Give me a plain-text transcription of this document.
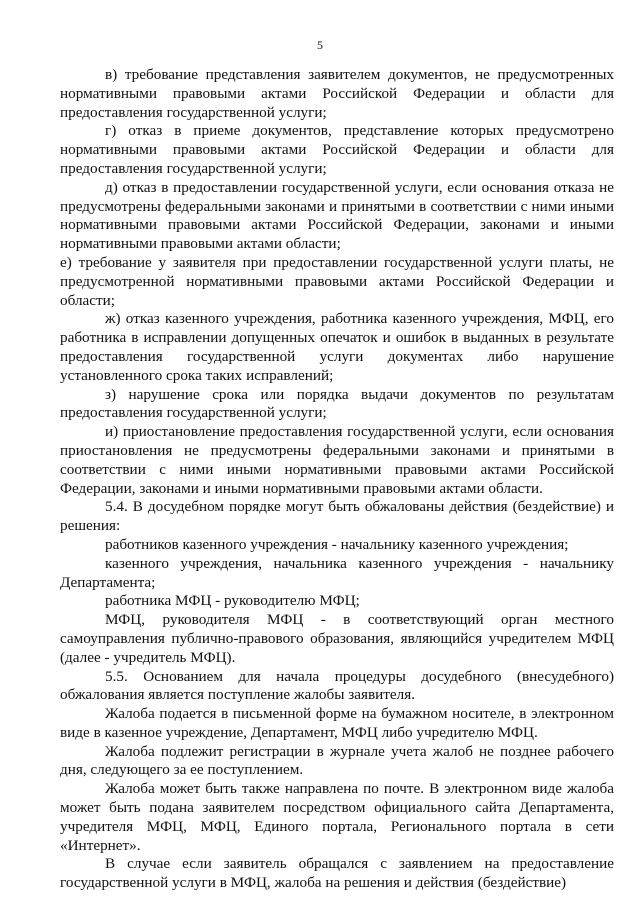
5

в) требование представления заявителем документов, не предусмотренных нормативными правовыми актами Российской Федерации и области для предоставления государственной услуги;

г) отказ в приеме документов, представление которых предусмотрено нормативными правовыми актами Российской Федерации и области для предоставления государственной услуги;

д) отказ в предоставлении государственной услуги, если основания отказа не предусмотрены федеральными законами и принятыми в соответствии с ними иными нормативными правовыми актами Российской Федерации, законами и иными нормативными правовыми актами области;

е) требование у заявителя при предоставлении государственной услуги платы, не предусмотренной нормативными правовыми актами Российской Федерации и области;

ж) отказ казенного учреждения, работника казенного учреждения, МФЦ, его работника в исправлении допущенных опечаток и ошибок в выданных в результате предоставления государственной услуги документах либо нарушение установленного срока таких исправлений;

з) нарушение срока или порядка выдачи документов по результатам предоставления государственной услуги;

и) приостановление предоставления государственной услуги, если основания приостановления не предусмотрены федеральными законами и принятыми в соответствии с ними иными нормативными правовыми актами Российской Федерации, законами и иными нормативными правовыми актами области.

5.4. В досудебном порядке могут быть обжалованы действия (бездействие) и решения:

работников казенного учреждения - начальнику казенного учреждения;

казенного учреждения, начальника казенного учреждения - начальнику Департамента;

работника МФЦ - руководителю МФЦ;

МФЦ, руководителя МФЦ - в соответствующий орган местного самоуправления публично-правового образования, являющийся учредителем МФЦ (далее - учредитель МФЦ).

5.5. Основанием для начала процедуры досудебного (внесудебного) обжалования является поступление жалобы заявителя.

Жалоба подается в письменной форме на бумажном носителе, в электронном виде в казенное учреждение, Департамент, МФЦ либо учредителю МФЦ.

Жалоба подлежит регистрации в журнале учета жалоб не позднее рабочего дня, следующего за ее поступлением.

Жалоба может быть также направлена по почте. В электронном виде жалоба может быть подана заявителем посредством официального сайта Департамента, учредителя МФЦ, МФЦ, Единого портала, Регионального портала в сети «Интернет».

В случае если заявитель обращался с заявлением на предоставление государственной услуги в МФЦ, жалоба на решения и действия (бездействие)
